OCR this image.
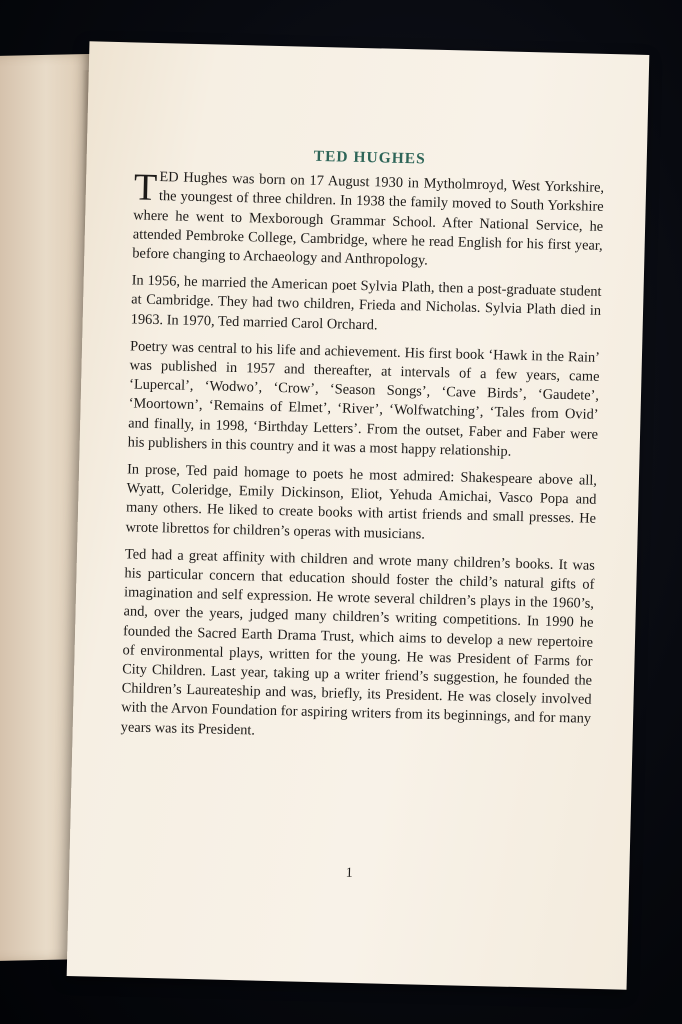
TED HUGHES

TED Hughes was born on 17 August 1930 in Mytholmroyd, West Yorkshire, the youngest of three children. In 1938 the family moved to South Yorkshire where he went to Mexborough Grammar School. After National Service, he attended Pembroke College, Cambridge, where he read English for his first year, before changing to Archaeology and Anthropology.

In 1956, he married the American poet Sylvia Plath, then a post-graduate student at Cambridge. They had two children, Frieda and Nicholas. Sylvia Plath died in 1963. In 1970, Ted married Carol Orchard.

Poetry was central to his life and achievement. His first book ‘Hawk in the Rain’ was published in 1957 and thereafter, at intervals of a few years, came ‘Lupercal’, ‘Wodwo’, ‘Crow’, ‘Season Songs’, ‘Cave Birds’, ‘Gaudete’, ‘Moortown’, ‘Remains of Elmet’, ‘River’, ‘Wolfwatching’, ‘Tales from Ovid’ and finally, in 1998, ‘Birthday Letters’. From the outset, Faber and Faber were his publishers in this country and it was a most happy relationship.

In prose, Ted paid homage to poets he most admired: Shakespeare above all, Wyatt, Coleridge, Emily Dickinson, Eliot, Yehuda Amichai, Vasco Popa and many others. He liked to create books with artist friends and small presses. He wrote librettos for children’s operas with musicians.

Ted had a great affinity with children and wrote many children’s books. It was his particular concern that education should foster the child’s natural gifts of imagination and self expression. He wrote several children’s plays in the 1960’s, and, over the years, judged many children’s writing competitions. In 1990 he founded the Sacred Earth Drama Trust, which aims to develop a new repertoire of environmental plays, written for the young. He was President of Farms for City Children. Last year, taking up a writer friend’s suggestion, he founded the Children’s Laureateship and was, briefly, its President. He was closely involved with the Arvon Foundation for aspiring writers from its beginnings, and for many years was its President.

1
